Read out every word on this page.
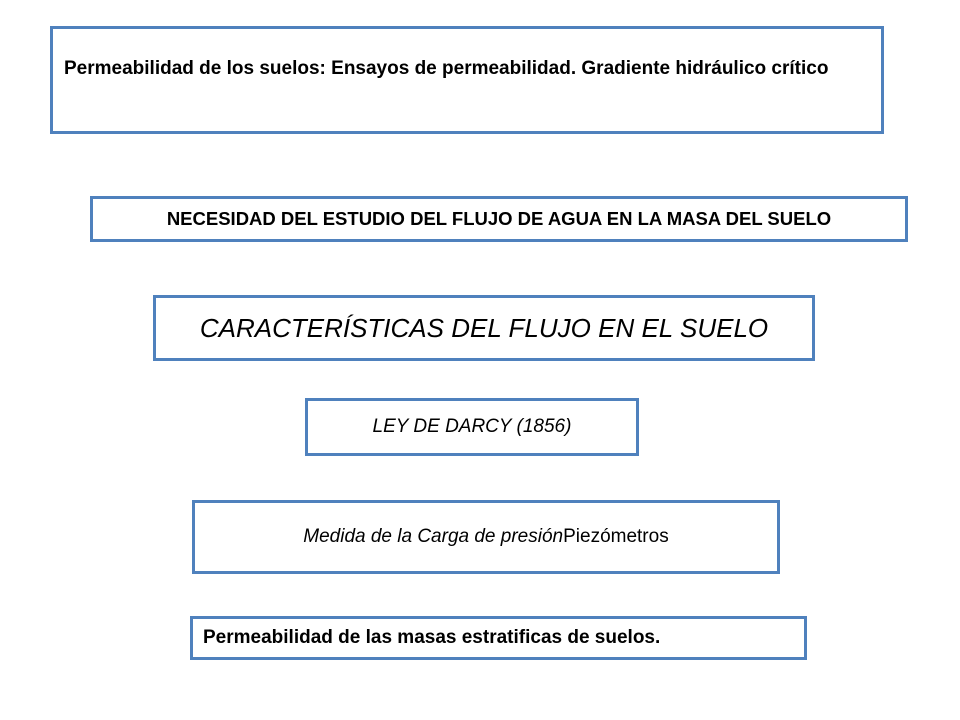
Permeabilidad de los suelos: Ensayos de permeabilidad. Gradiente hidráulico crítico
NECESIDAD DEL ESTUDIO DEL FLUJO DE AGUA EN LA MASA DEL SUELO
CARACTERÍSTICAS DEL FLUJO EN EL SUELO
LEY DE DARCY (1856)
Medida de la Carga de presión Piezómetros
Permeabilidad de las masas estratificas de suelos.
